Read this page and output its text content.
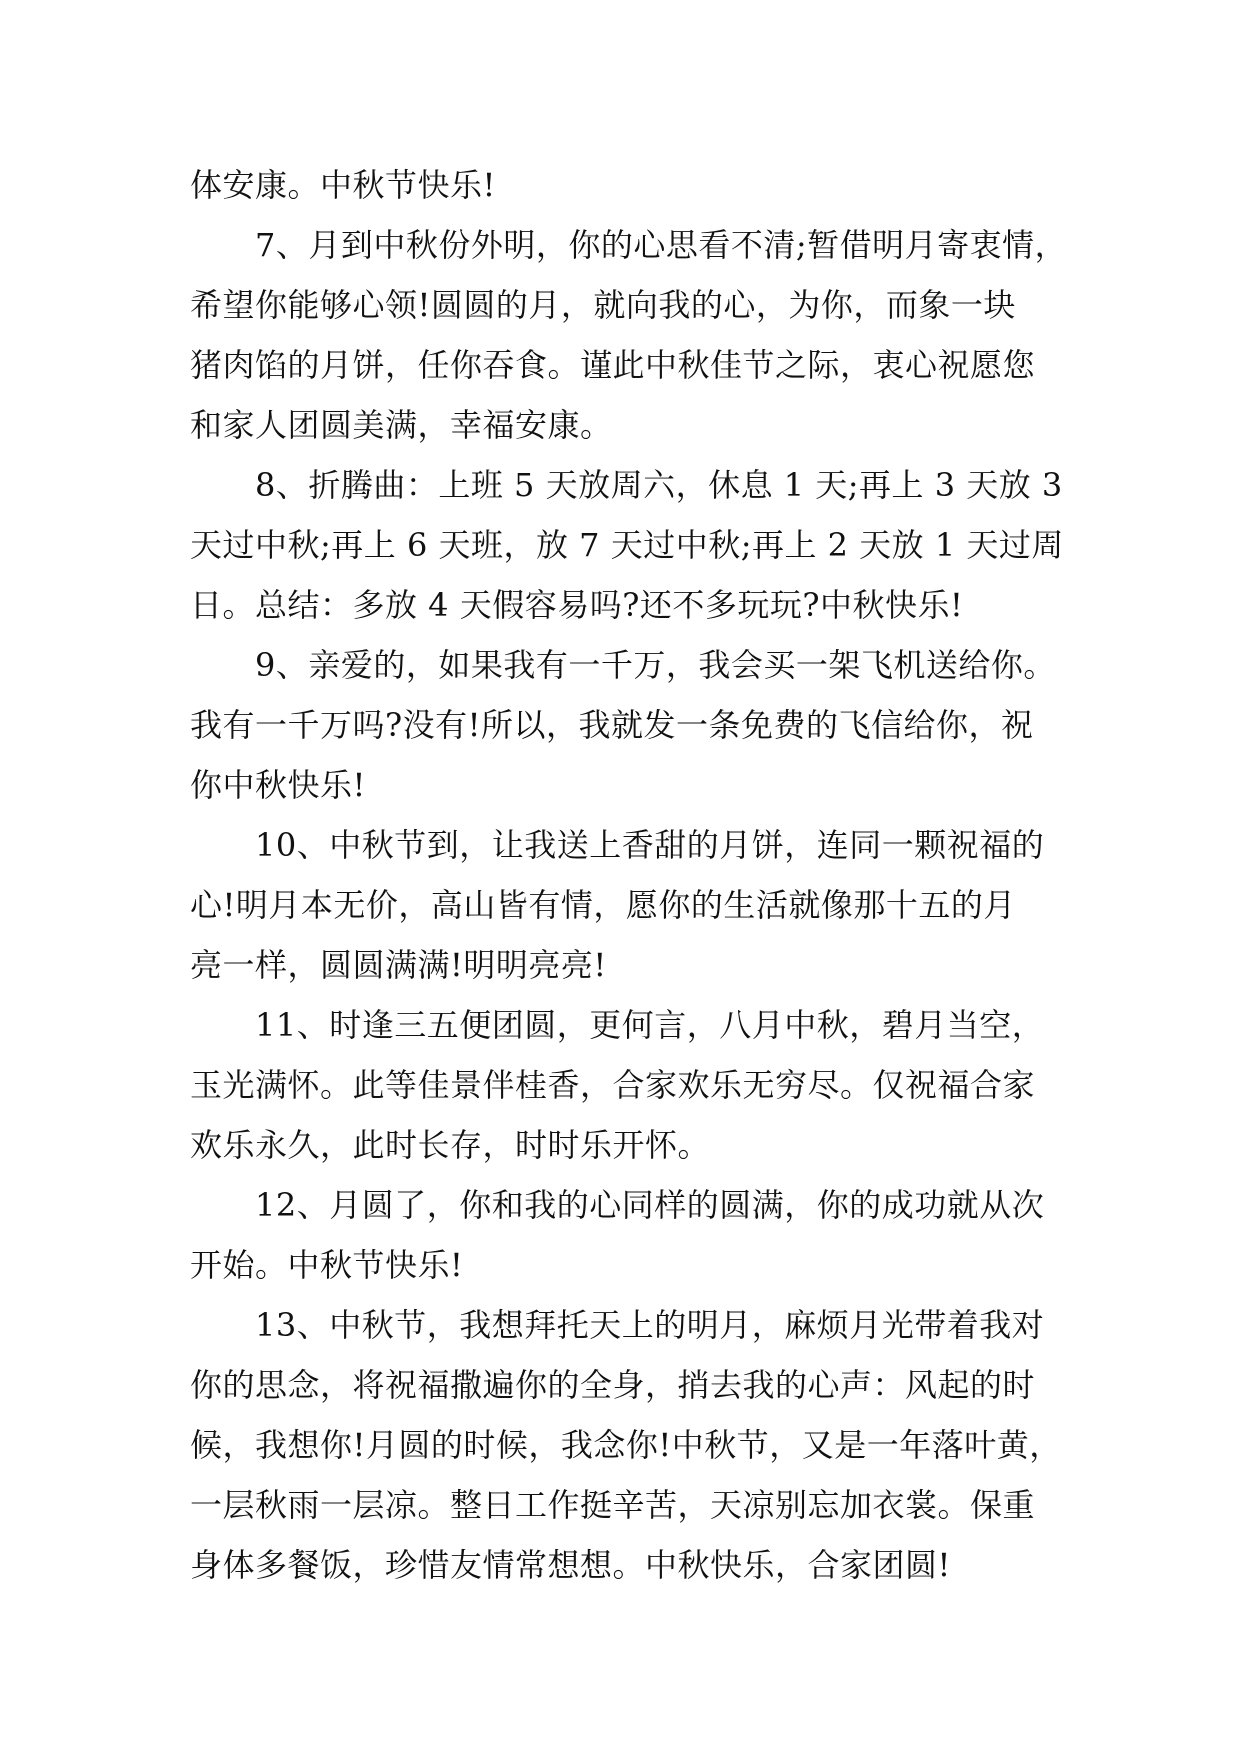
体安康。中秋节快乐!
7、月到中秋份外明，你的心思看不清;暂借明月寄衷情，
希望你能够心领!圆圆的月，就向我的心，为你，而象一块
猪肉馅的月饼，任你吞食。谨此中秋佳节之际，衷心祝愿您
和家人团圆美满，幸福安康。
8、折腾曲：上班 5 天放周六，休息 1 天;再上 3 天放 3
天过中秋;再上 6 天班，放 7 天过中秋;再上 2 天放 1 天过周
日。总结：多放 4 天假容易吗?还不多玩玩?中秋快乐!
9、亲爱的，如果我有一千万，我会买一架飞机送给你。
我有一千万吗?没有!所以，我就发一条免费的飞信给你，祝
你中秋快乐!
10、中秋节到，让我送上香甜的月饼，连同一颗祝福的
心!明月本无价，高山皆有情，愿你的生活就像那十五的月
亮一样，圆圆满满!明明亮亮!
11、时逢三五便团圆，更何言，八月中秋，碧月当空，
玉光满怀。此等佳景伴桂香，合家欢乐无穷尽。仅祝福合家
欢乐永久，此时长存，时时乐开怀。
12、月圆了，你和我的心同样的圆满，你的成功就从次
开始。中秋节快乐!
13、中秋节，我想拜托天上的明月，麻烦月光带着我对
你的思念，将祝福撒遍你的全身，捎去我的心声：风起的时
候，我想你!月圆的时候，我念你!中秋节，又是一年落叶黄，
一层秋雨一层凉。整日工作挺辛苦，天凉别忘加衣裳。保重
身体多餐饭，珍惜友情常想想。中秋快乐，合家团圆!
